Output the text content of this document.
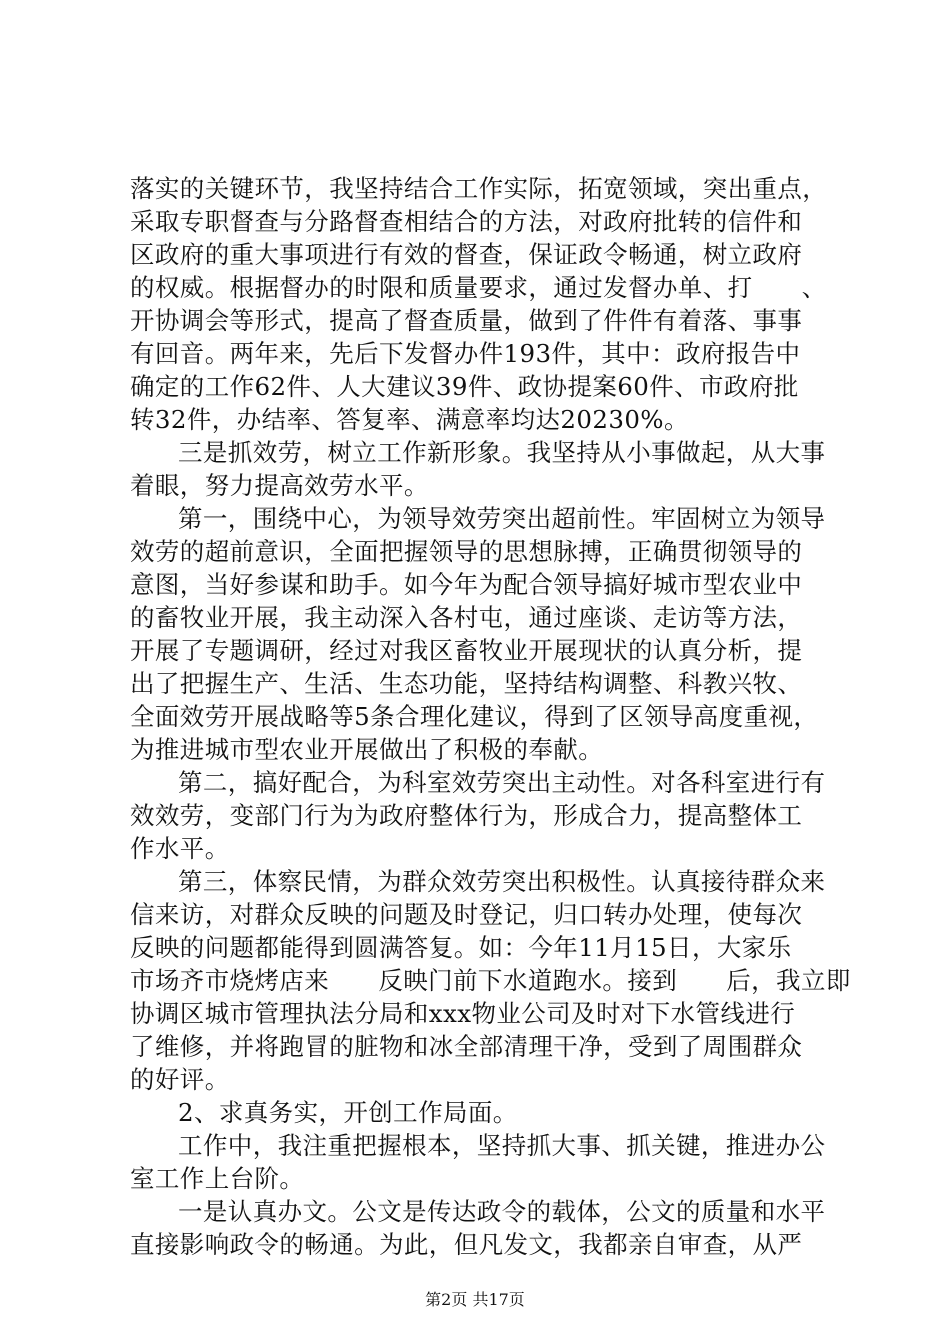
落实的关键环节，我坚持结合工作实际，拓宽领域，突出重点，
采取专职督查与分路督查相结合的方法，对政府批转的信件和
区政府的重大事项进行有效的督查，保证政令畅通，树立政府
的权威。根据督办的时限和质量要求，通过发督办单、打      、
开协调会等形式，提高了督查质量，做到了件件有着落、事事
有回音。两年来，先后下发督办件193件，其中：政府报告中
确定的工作62件、人大建议39件、政协提案60件、市政府批
转32件，办结率、答复率、满意率均达20230%。
三是抓效劳，树立工作新形象。我坚持从小事做起，从大事
着眼，努力提高效劳水平。
第一，围绕中心，为领导效劳突出超前性。牢固树立为领导
效劳的超前意识，全面把握领导的思想脉搏，正确贯彻领导的
意图，当好参谋和助手。如今年为配合领导搞好城市型农业中
的畜牧业开展，我主动深入各村屯，通过座谈、走访等方法，
开展了专题调研，经过对我区畜牧业开展现状的认真分析，提
出了把握生产、生活、生态功能，坚持结构调整、科教兴牧、
全面效劳开展战略等5条合理化建议，得到了区领导高度重视，
为推进城市型农业开展做出了积极的奉献。
第二，搞好配合，为科室效劳突出主动性。对各科室进行有
效效劳，变部门行为为政府整体行为，形成合力，提高整体工
作水平。
第三，体察民情，为群众效劳突出积极性。认真接待群众来
信来访，对群众反映的问题及时登记，归口转办处理，使每次
反映的问题都能得到圆满答复。如：今年11月15日，大家乐
市场齐市烧烤店来      反映门前下水道跑水。接到      后，我立即
协调区城市管理执法分局和xxx物业公司及时对下水管线进行
了维修，并将跑冒的脏物和冰全部清理干净，受到了周围群众
的好评。
2、求真务实，开创工作局面。
工作中，我注重把握根本，坚持抓大事、抓关键，推进办公
室工作上台阶。
一是认真办文。公文是传达政令的载体，公文的质量和水平
直接影响政令的畅通。为此，但凡发文，我都亲自审查，从严
第2页 共17页
